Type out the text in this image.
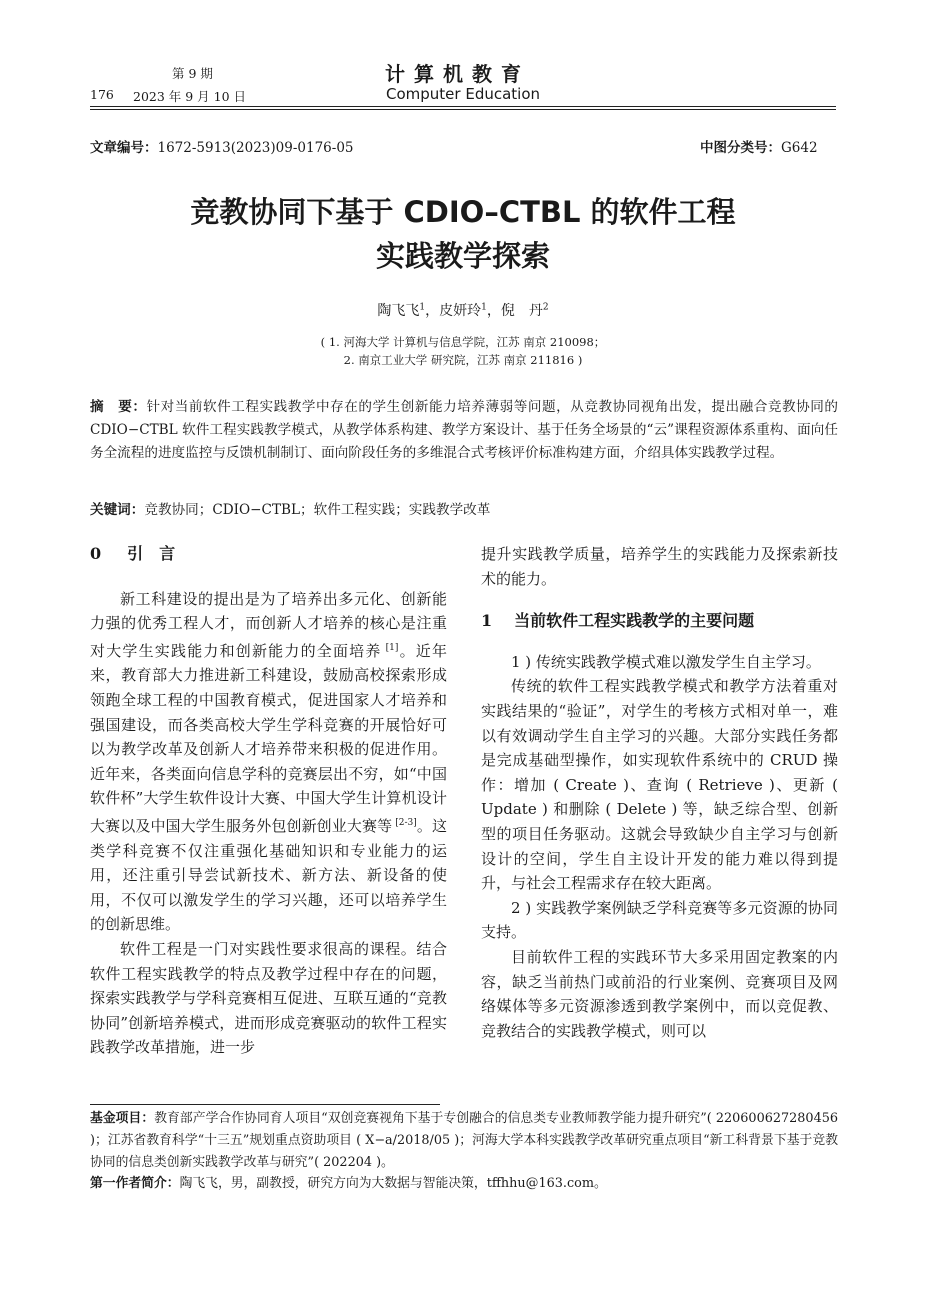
第 9 期
176 2023 年 9 月 10 日
计算机教育
Computer Education
文章编号：1672-5913(2023)09-0176-05	中图分类号：G642
竞教协同下基于 CDIO–CTBL 的软件工程
实践教学探索
陶飞飞$^1$，皮妍玲$^1$，倪　丹$^2$
( 1. 河海大学 计算机与信息学院，江苏 南京 210098；
2. 南京工业大学 研究院，江苏 南京 211816 )
摘　要：针对当前软件工程实践教学中存在的学生创新能力培养薄弱等问题，从竞教协同视角出发，提出融合竞教协同的 CDIO−CTBL 软件工程实践教学模式，从教学体系构建、教学方案设计、基于任务全场景的“云”课程资源体系重构、面向任务全流程的进度监控与反馈机制制订、面向阶段任务的多维混合式考核评价标准构建方面，介绍具体实践教学过程。
关键词：竞教协同；CDIO−CTBL；软件工程实践；实践教学改革

0 引　言

新工科建设的提出是为了培养出多元化、创新能力强的优秀工程人才，而创新人才培养的核心是注重对大学生实践能力和创新能力的全面培养 [1]。近年来，教育部大力推进新工科建设，鼓励高校探索形成领跑全球工程的中国教育模式，促进国家人才培养和强国建设，而各类高校大学生学科竞赛的开展恰好可以为教学改革及创新人才培养带来积极的促进作用。近年来，各类面向信息学科的竞赛层出不穷，如“中国软件杯”大学生软件设计大赛、中国大学生计算机设计大赛以及中国大学生服务外包创新创业大赛等 [2-3]。这类学科竞赛不仅注重强化基础知识和专业能力的运用，还注重引导尝试新技术、新方法、新设备的使用，不仅可以激发学生的学习兴趣，还可以培养学生的创新思维。

软件工程是一门对实践性要求很高的课程。结合软件工程实践教学的特点及教学过程中存在的问题，探索实践教学与学科竞赛相互促进、互联互通的“竞教协同”创新培养模式，进而形成竞赛驱动的软件工程实践教学改革措施，进一步

提升实践教学质量，培养学生的实践能力及探索新技术的能力。

1 当前软件工程实践教学的主要问题

1 ) 传统实践教学模式难以激发学生自主学习。

传统的软件工程实践教学模式和教学方法着重对实践结果的“验证”，对学生的考核方式相对单一，难以有效调动学生自主学习的兴趣。大部分实践任务都是完成基础型操作，如实现软件系统中的 CRUD 操作：增加 ( Create )、查询 ( Retrieve )、更新 ( Update ) 和删除 ( Delete ) 等，缺乏综合型、创新型的项目任务驱动。这就会导致缺少自主学习与创新设计的空间，学生自主设计开发的能力难以得到提升，与社会工程需求存在较大距离。

2 ) 实践教学案例缺乏学科竞赛等多元资源的协同支持。

目前软件工程的实践环节大多采用固定教案的内容，缺乏当前热门或前沿的行业案例、竞赛项目及网络媒体等多元资源渗透到教学案例中，而以竞促教、竞教结合的实践教学模式，则可以

基金项目：教育部产学合作协同育人项目“双创竞赛视角下基于专创融合的信息类专业教师教学能力提升研究”( 220600627280456 )；江苏省教育科学“十三五”规划重点资助项目 ( X−a/2018/05 )；河海大学本科实践教学改革研究重点项目“新工科背景下基于竞教协同的信息类创新实践教学改革与研究”( 202204 )。
第一作者简介：陶飞飞，男，副教授，研究方向为大数据与智能决策，tffhhu@163.com。
